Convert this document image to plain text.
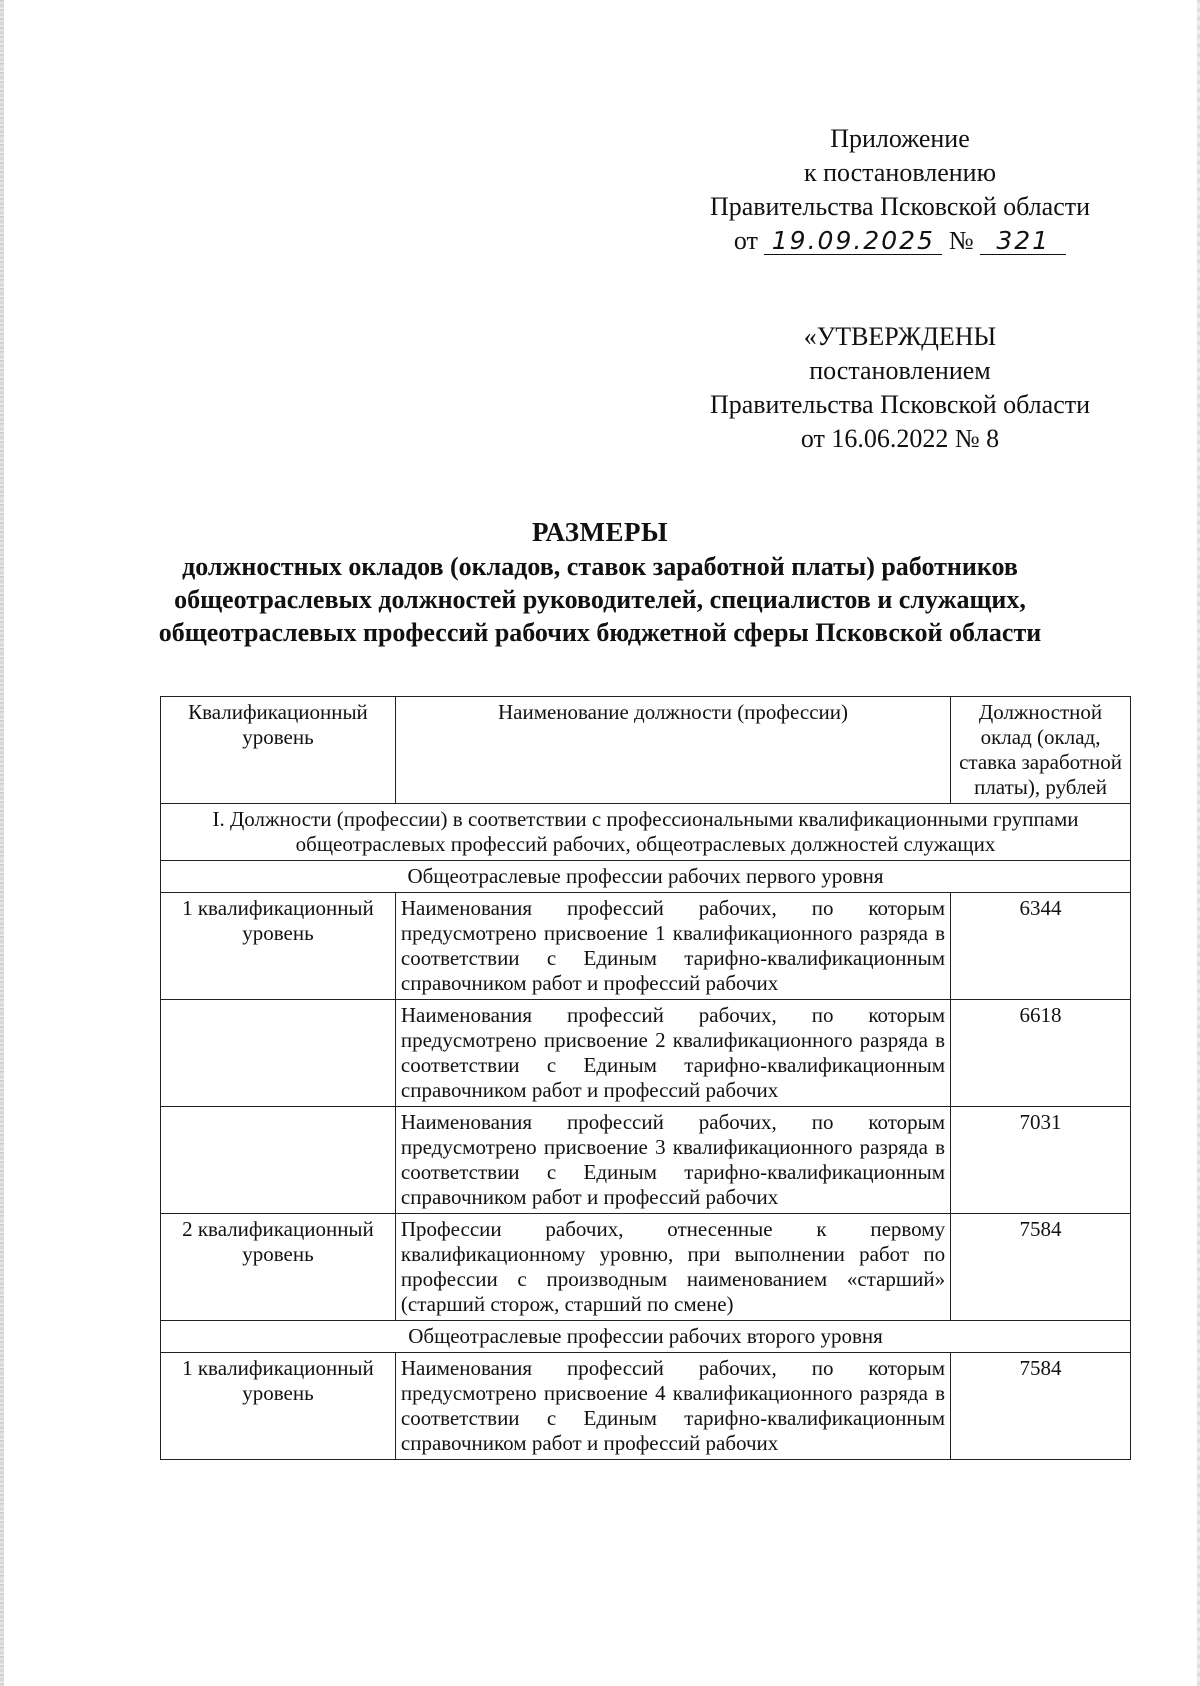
Приложение
к постановлению
Правительства Псковской области
от 19.09.2025 № 321
«УТВЕРЖДЕНЫ
постановлением
Правительства Псковской области
от 16.06.2022 № 8
РАЗМЕРЫ
должностных окладов (окладов, ставок заработной платы) работников общеотраслевых должностей руководителей, специалистов и служащих, общеотраслевых профессий рабочих бюджетной сферы Псковской области
Квалификационный уровень	Наименование должности (профессии)	Должностной оклад (оклад, ставка заработной платы), рублей
I. Должности (профессии) в соответствии с профессиональными квалификационными группами общеотраслевых профессий рабочих, общеотраслевых должностей служащих		
Общеотраслевые профессии рабочих первого уровня		
1 квалификационный уровень	Наименования профессий рабочих, по которым предусмотрено присвоение 1 квалификационного разряда в соответствии с Единым тарифно-квалификационным справочником работ и профессий рабочих	6344
	Наименования профессий рабочих, по которым предусмотрено присвоение 2 квалификационного разряда в соответствии с Единым тарифно-квалификационным справочником работ и профессий рабочих	6618
	Наименования профессий рабочих, по которым предусмотрено присвоение 3 квалификационного разряда в соответствии с Единым тарифно-квалификационным справочником работ и профессий рабочих	7031
2 квалификационный уровень	Профессии рабочих, отнесенные к первому квалификационному уровню, при выполнении работ по профессии с производным наименованием «старший» (старший сторож, старший по смене)	7584
Общеотраслевые профессии рабочих второго уровня		
1 квалификационный уровень	Наименования профессий рабочих, по которым предусмотрено присвоение 4 квалификационного разряда в соответствии с Единым тарифно-квалификационным справочником работ и профессий рабочих	7584
